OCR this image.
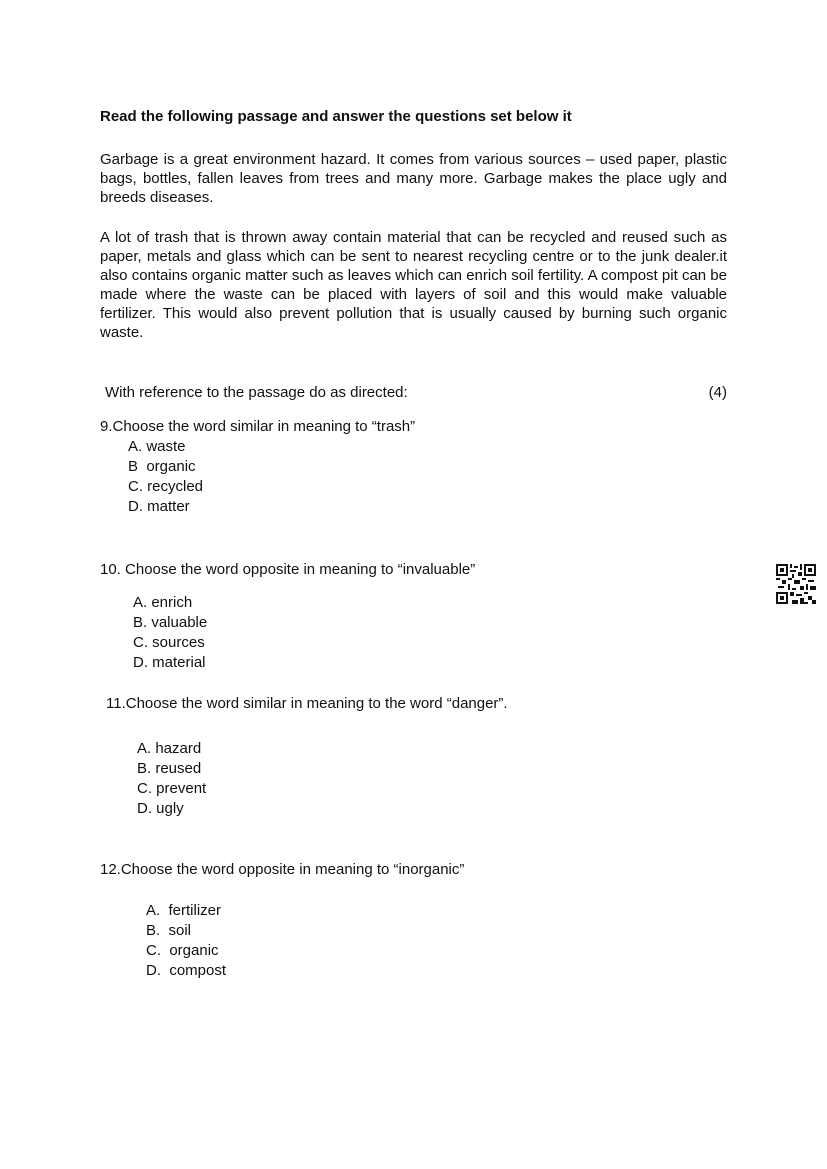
Read the following passage and answer the questions set below it
Garbage is a great environment hazard. It comes from various sources – used paper, plastic bags, bottles, fallen leaves from trees and many more. Garbage makes the place ugly and breeds diseases.
A lot of trash that is thrown away contain material that can be recycled and reused such as paper, metals and glass which can be sent to nearest recycling centre or to the junk dealer.it also contains organic matter such as leaves which can enrich soil fertility. A compost pit can be made where the waste can be placed with layers of soil and this would make valuable fertilizer. This would also prevent pollution that is usually caused by burning such organic waste.
With reference to the passage do as directed:	(4)
9.Choose the word similar in meaning to “trash”
A. waste
B  organic
C. recycled
D. matter
10. Choose the word opposite in meaning to “invaluable”
A. enrich
B. valuable
C. sources
D. material
11.Choose the word similar in meaning to the word “danger”.
A. hazard
B. reused
C. prevent
D. ugly
12.Choose the word opposite in meaning to “inorganic”
A.  fertilizer
B.  soil
C.  organic
D.  compost
